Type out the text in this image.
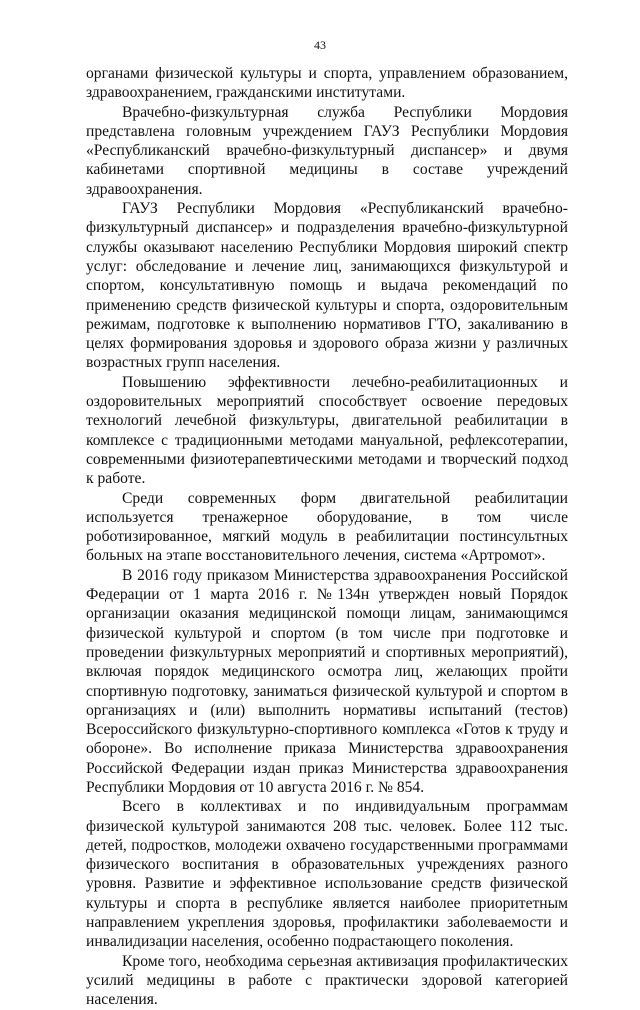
43

органами физической культуры и спорта, управлением образованием, здравоохранением, гражданскими институтами.

Врачебно-физкультурная служба Республики Мордовия представлена головным учреждением ГАУЗ Республики Мордовия «Республиканский врачебно-физкультурный диспансер» и двумя кабинетами спортивной медицины в составе учреждений здравоохранения.

ГАУЗ Республики Мордовия «Республиканский врачебно-физкультурный диспансер» и подразделения врачебно-физкультурной службы оказывают населению Республики Мордовия широкий спектр услуг: обследование и лечение лиц, занимающихся физкультурой и спортом, консультативную помощь и выдача рекомендаций по применению средств физической культуры и спорта, оздоровительным режимам, подготовке к выполнению нормативов ГТО, закаливанию в целях формирования здоровья и здорового образа жизни у различных возрастных групп населения.

Повышению эффективности лечебно-реабилитационных и оздоровительных мероприятий способствует освоение передовых технологий лечебной физкультуры, двигательной реабилитации в комплексе с традиционными методами мануальной, рефлексотерапии, современными физиотерапевтическими методами и творческий подход к работе.

Среди современных форм двигательной реабилитации используется тренажерное оборудование, в том числе роботизированное, мягкий модуль в реабилитации постинсультных больных на этапе восстановительного лечения, система «Артромот».

В 2016 году приказом Министерства здравоохранения Российской Федерации от 1 марта 2016 г. №134н утвержден новый Порядок организации оказания медицинской помощи лицам, занимающимся физической культурой и спортом (в том числе при подготовке и проведении физкультурных мероприятий и спортивных мероприятий), включая порядок медицинского осмотра лиц, желающих пройти спортивную подготовку, заниматься физической культурой и спортом в организациях и (или) выполнить нормативы испытаний (тестов) Всероссийского физкультурно-спортивного комплекса «Готов к труду и обороне». Во исполнение приказа Министерства здравоохранения Российской Федерации издан приказ Министерства здравоохранения Республики Мордовия от 10 августа 2016 г. № 854.

Всего в коллективах и по индивидуальным программам физической культурой занимаются 208 тыс. человек. Более 112 тыс. детей, подростков, молодежи охвачено государственными программами физического воспитания в образовательных учреждениях разного уровня. Развитие и эффективное использование средств физической культуры и спорта в республике является наиболее приоритетным направлением укрепления здоровья, профилактики заболеваемости и инвалидизации населения, особенно подрастающего поколения.

Кроме того, необходима серьезная активизация профилактических усилий медицины в работе с практически здоровой категорией населения.
